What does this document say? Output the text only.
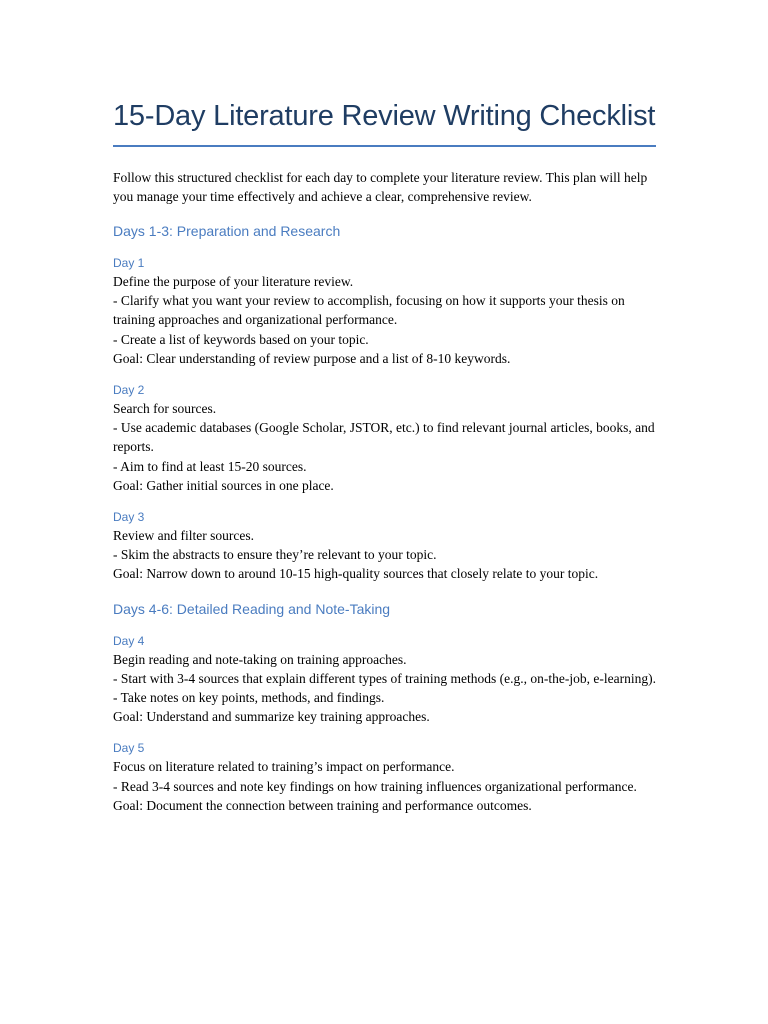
15-Day Literature Review Writing Checklist

Follow this structured checklist for each day to complete your literature review. This plan will help you manage your time effectively and achieve a clear, comprehensive review.

Days 1-3: Preparation and Research
Day 1

Define the purpose of your literature review.

- Clarify what you want your review to accomplish, focusing on how it supports your thesis on training approaches and organizational performance.

- Create a list of keywords based on your topic.

Goal: Clear understanding of review purpose and a list of 8-10 keywords.

Day 2

Search for sources.

- Use academic databases (Google Scholar, JSTOR, etc.) to find relevant journal articles, books, and reports.

- Aim to find at least 15-20 sources.

Goal: Gather initial sources in one place.

Day 3

Review and filter sources.

- Skim the abstracts to ensure they’re relevant to your topic.

Goal: Narrow down to around 10-15 high-quality sources that closely relate to your topic.

Days 4-6: Detailed Reading and Note-Taking
Day 4

Begin reading and note-taking on training approaches.

- Start with 3-4 sources that explain different types of training methods (e.g., on-the-job, e-learning).

- Take notes on key points, methods, and findings.

Goal: Understand and summarize key training approaches.

Day 5

Focus on literature related to training’s impact on performance.

- Read 3-4 sources and note key findings on how training influences organizational performance.

Goal: Document the connection between training and performance outcomes.
